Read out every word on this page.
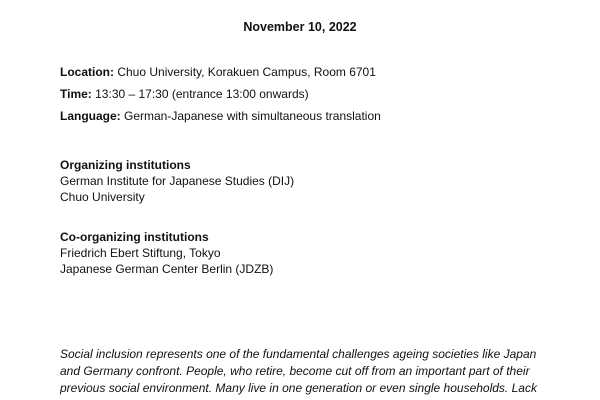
November 10, 2022
Location: Chuo University, Korakuen Campus, Room 6701
Time: 13:30 – 17:30 (entrance 13:00 onwards)
Language: German-Japanese with simultaneous translation
Organizing institutions
German Institute for Japanese Studies (DIJ)
Chuo University
Co-organizing institutions
Friedrich Ebert Stiftung, Tokyo
Japanese German Center Berlin (JDZB)
Social inclusion represents one of the fundamental challenges ageing societies like Japan
and Germany confront. People, who retire, become cut off from an important part of their
previous social environment. Many live in one generation or even single households. Lack
